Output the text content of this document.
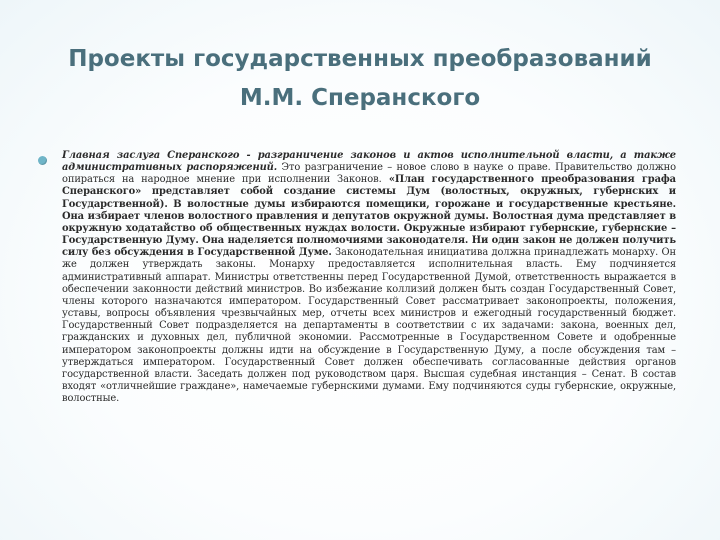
Проекты государственных преобразований
М.М. Сперанского
Главная заслуга Сперанского - разграничение законов и актов исполнительной власти, а также административных распоряжений. Это разграничение – новое слово в науке о праве. Правительство должно опираться на народное мнение при исполнении Законов. «План государственного преобразования графа Сперанского» представляет собой создание системы Дум (волостных, окружных, губернских и Государственной). В волостные думы избираются помещики, горожане и государственные крестьяне. Она избирает членов волостного правления и депутатов окружной думы. Волостная дума представляет в окружную ходатайство об общественных нуждах волости. Окружные избирают губернские, губернские – Государственную Думу. Она наделяется полномочиями законодателя. Ни один закон не должен получить силу без обсуждения в Государственной Думе. Законодательная инициатива должна принадлежать монарху. Он же должен утверждать законы. Монарху предоставляется исполнительная власть. Ему подчиняется административный аппарат. Министры ответственны перед Государственной Думой, ответственность выражается в обеспечении законности действий министров. Во избежание коллизий должен быть создан Государственный Совет, члены которого назначаются императором. Государственный Совет рассматривает законопроекты, положения, уставы, вопросы объявления чрезвычайных мер, отчеты всех министров и ежегодный государственный бюджет. Государственный Совет подразделяется на департаменты в соответствии с их задачами: закона, военных дел, гражданских и духовных дел, публичной экономии. Рассмотренные в Государственном Совете и одобренные императором законопроекты должны идти на обсуждение в Государственную Думу, а после обсуждения там – утверждаться императором. Государственный Совет должен обеспечивать согласованные действия органов государственной власти. Заседать должен под руководством царя. Высшая судебная инстанция – Сенат. В состав входят «отличнейшие граждане», намечаемые губернскими думами. Ему подчиняются суды губернские, окружные, волостные.
